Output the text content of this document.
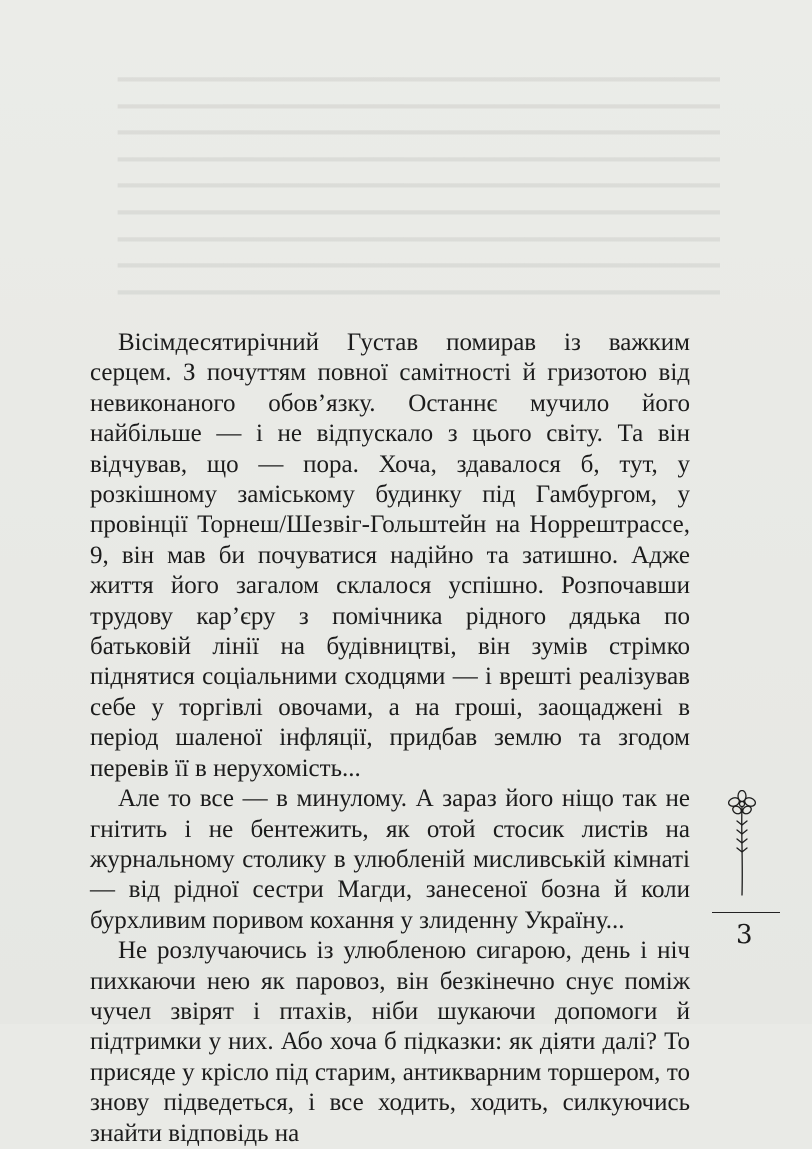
━━━━━━━━━━━━━━━━━━━━━━━━━━━━━━━━━━━━━━━━
━━━━━━━━━━━━━━━━━━━━━━━━━━━━━━━━━━━━━━━━
━━━━━━━━━━━━━━━━━━━━━━━━━━━━━━━━━━━━━━━━
━━━━━━━━━━━━━━━━━━━━━━━━━━━━━━━━━━━━━━━━
━━━━━━━━━━━━━━━━━━━━━━━━━━━━━━━━━━━━━━━━
━━━━━━━━━━━━━━━━━━━━━━━━━━━━━━━━━━━━━━━━
━━━━━━━━━━━━━━━━━━━━━━━━━━━━━━━━━━━━━━━━
━━━━━━━━━━━━━━━━━━━━━━━━━━━━━━━━━━━━━━━━
━━━━━━━━━━━━━━━━━━━━━━━━━━━━━━━━━━━━━━━━

Вісімдесятирічний Густав помирав із важким серцем. З почуттям повної самітності й гризотою від невиконаного обов’язку. Останнє мучило його найбільше — і не відпускало з цього світу. Та він відчував, що — пора. Хоча, здавалося б, тут, у розкішному заміському будинку під Гамбургом, у провінції Торнеш/Шезвіг-Гольштейн на Норрештрассе, 9, він мав би почуватися надійно та затишно. Адже життя його загалом склалося успішно. Розпочавши трудову кар’єру з помічника рідного дядька по батьковій лінії на будівництві, він зумів стрімко піднятися соціальними сходцями — і врешті реалізував себе у торгівлі овочами, а на гроші, заощаджені в період шаленої інфляції, придбав землю та згодом перевів її в нерухомість...

Але то все — в минулому. А зараз його ніщо так не гнітить і не бентежить, як отой стосик листів на журнальному столику в улюбленій мисливській кімнаті — від рідної сестри Магди, занесеної бозна й коли бурхливим поривом кохання у злиденну Україну...

Не розлучаючись із улюбленою сигарою, день і ніч пихкаючи нею як паровоз, він безкінечно снує поміж чучел звірят і птахів, ніби шукаючи допомоги й підтримки у них. Або хоча б підказки: як діяти далі? То присяде у крісло під старим, антикварним торшером, то знову підведеться, і все ходить, ходить, силкуючись знайти відповідь на

3
